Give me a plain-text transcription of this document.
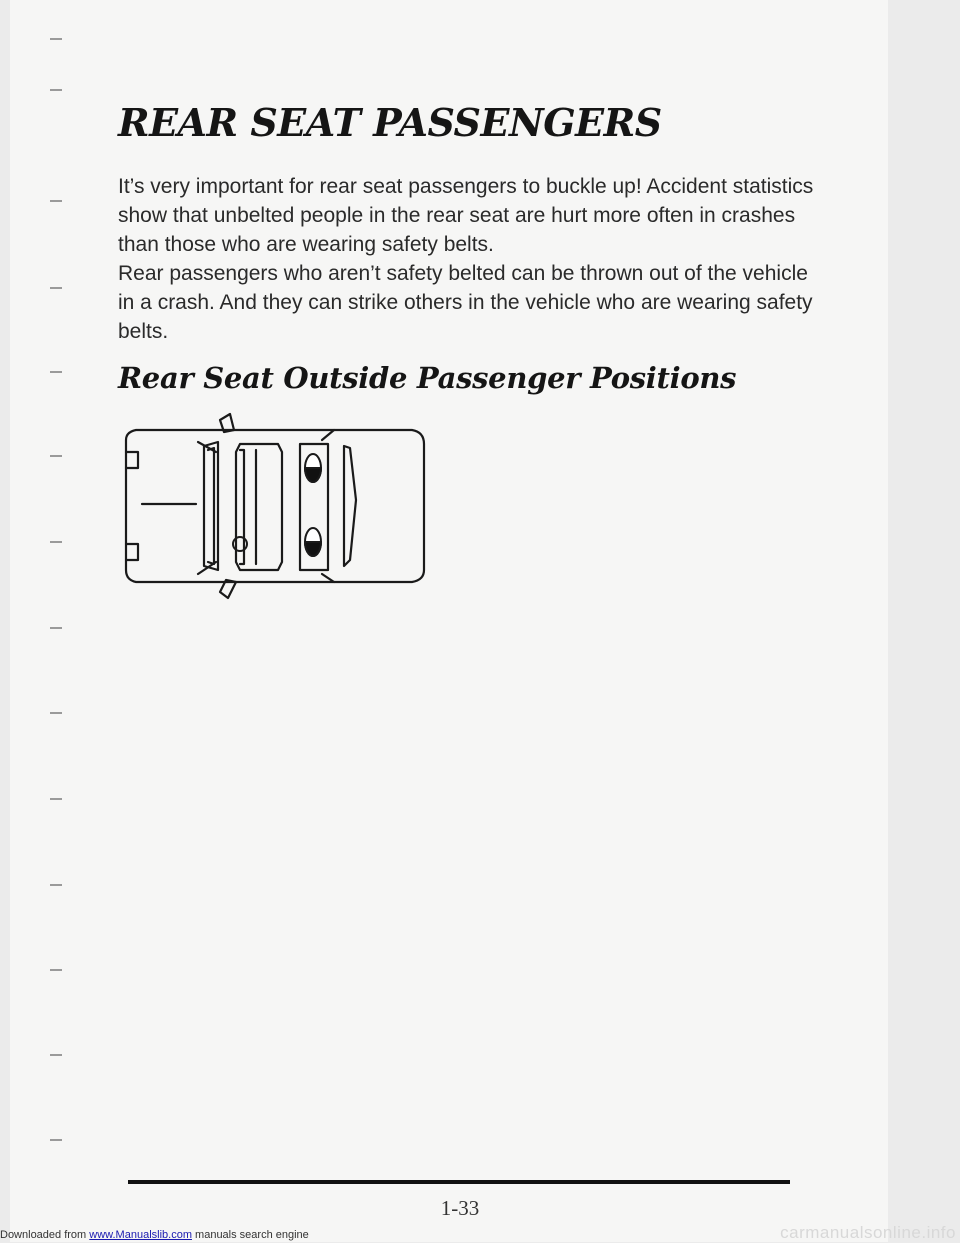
REAR SEAT PASSENGERS

It’s very important for rear seat passengers to buckle up! Accident statistics show that unbelted people in the rear seat are hurt more often in crashes than those who are wearing safety belts.

Rear passengers who aren’t safety belted can be thrown out of the vehicle in a crash. And they can strike others in the vehicle who are wearing safety belts.

Rear Seat Outside Passenger Positions
1-33
Downloaded from www.Manualslib.com manuals search engine	carmanualsonline.info
